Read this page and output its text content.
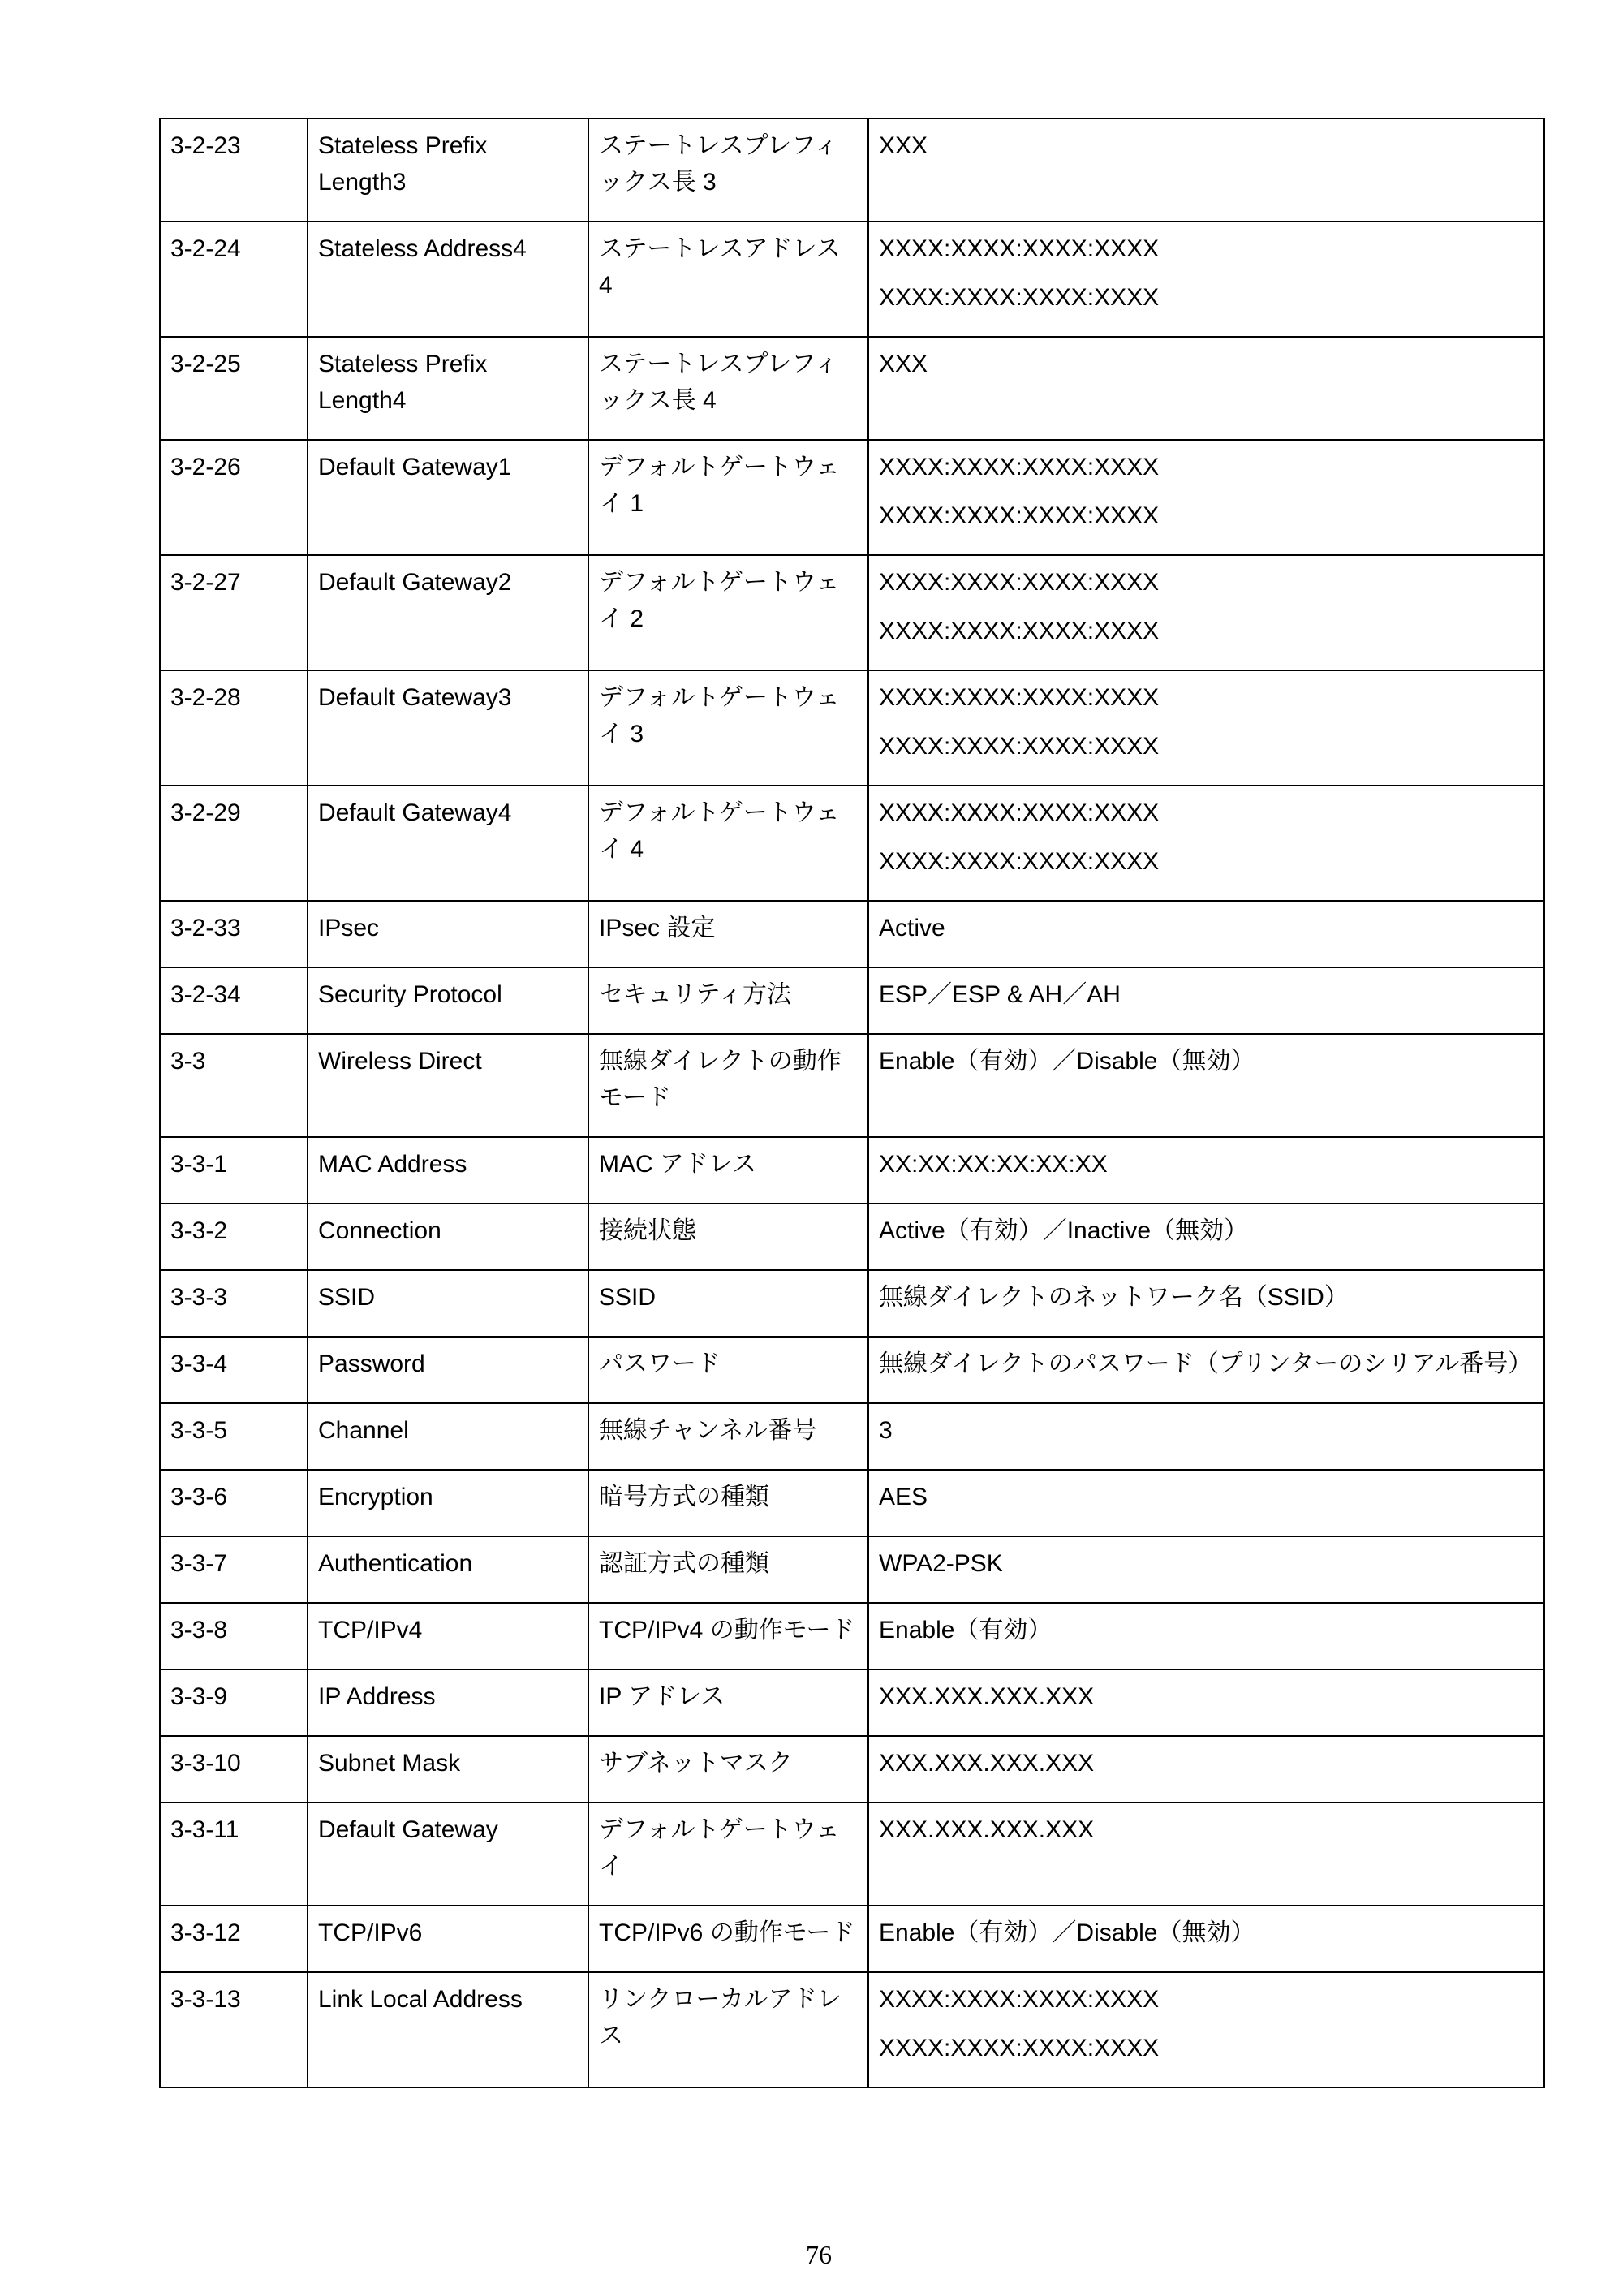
3-2-23	Stateless Prefix Length3	ステートレスプレフィックス長 3	XXX

3-2-24	Stateless Address4	ステートレスアドレス 4	XXXX:XXXX:XXXX:XXXX
XXXX:XXXX:XXXX:XXXX

3-2-25	Stateless Prefix Length4	ステートレスプレフィックス長 4	XXX

3-2-26	Default Gateway1	デフォルトゲートウェイ 1	XXXX:XXXX:XXXX:XXXX
XXXX:XXXX:XXXX:XXXX

3-2-27	Default Gateway2	デフォルトゲートウェイ 2	XXXX:XXXX:XXXX:XXXX
XXXX:XXXX:XXXX:XXXX

3-2-28	Default Gateway3	デフォルトゲートウェイ 3	XXXX:XXXX:XXXX:XXXX
XXXX:XXXX:XXXX:XXXX

3-2-29	Default Gateway4	デフォルトゲートウェイ 4	XXXX:XXXX:XXXX:XXXX
XXXX:XXXX:XXXX:XXXX

3-2-33	IPsec	IPsec 設定	Active

3-2-34	Security Protocol	セキュリティ方法	ESP／ESP & AH／AH

3-3	Wireless Direct	無線ダイレクトの動作モード	Enable（有効）／Disable（無効）

3-3-1	MAC Address	MAC アドレス	XX:XX:XX:XX:XX:XX

3-3-2	Connection	接続状態	Active（有効）／Inactive（無効）

3-3-3	SSID	SSID	無線ダイレクトのネットワーク名（SSID）

3-3-4	Password	パスワード	無線ダイレクトのパスワード（プリンターのシリアル番号）

3-3-5	Channel	無線チャンネル番号	3

3-3-6	Encryption	暗号方式の種類	AES

3-3-7	Authentication	認証方式の種類	WPA2-PSK

3-3-8	TCP/IPv4	TCP/IPv4 の動作モード	Enable（有効）

3-3-9	IP Address	IP アドレス	XXX.XXX.XXX.XXX

3-3-10	Subnet Mask	サブネットマスク	XXX.XXX.XXX.XXX

3-3-11	Default Gateway	デフォルトゲートウェイ	XXX.XXX.XXX.XXX

3-3-12	TCP/IPv6	TCP/IPv6 の動作モード	Enable（有効）／Disable（無効）

3-3-13	Link Local Address	リンクローカルアドレス	XXXX:XXXX:XXXX:XXXX
XXXX:XXXX:XXXX:XXXX
76
